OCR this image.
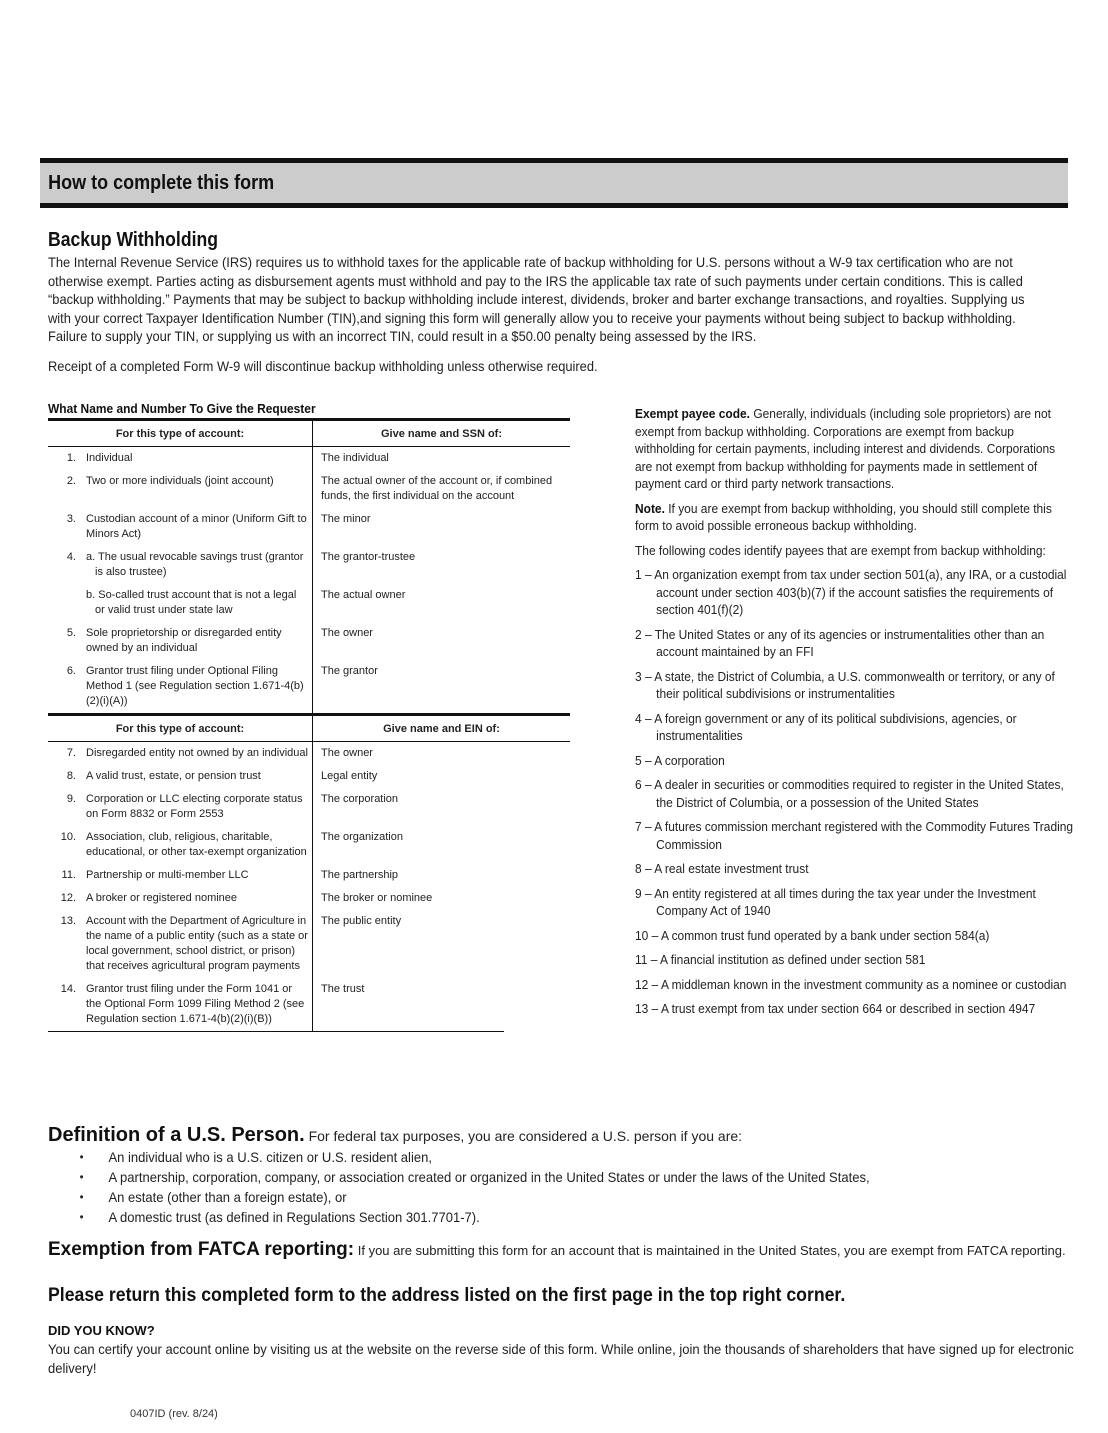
How to complete this form
Backup Withholding

The Internal Revenue Service (IRS) requires us to withhold taxes for the applicable rate of backup withholding for U.S. persons without a W-9 tax certification who are not otherwise exempt. Parties acting as disbursement agents must withhold and pay to the IRS the applicable tax rate of such payments under certain conditions. This is called “backup withholding.” Payments that may be subject to backup withholding include interest, dividends, broker and barter exchange transactions, and royalties. Supplying us with your correct Taxpayer Identification Number (TIN),and signing this form will generally allow you to receive your payments without being subject to backup withholding. Failure to supply your TIN, or supplying us with an incorrect TIN, could result in a $50.00 penalty being assessed by the IRS.

Receipt of a completed Form W-9 will discontinue backup withholding unless otherwise required.

What Name and Number To Give the Requester
For this type of account:		Give name and SSN of:
1.	Individual	The individual
2.	Two or more individuals (joint account)	The actual owner of the account or, if combined funds, the first individual on the account
3.	Custodian account of a minor (Uniform Gift to Minors Act)	The minor
4.	a. The usual revocable savings trust (grantor is also trustee)	The grantor-trustee

	b. So-called trust account that is not a legal or valid trust under state law	The actual owner
5.	Sole proprietorship or disregarded entity owned by an individual	The owner
6.	Grantor trust filing under Optional Filing Method 1 (see Regulation section 1.671-4(b)(2)(i)(A))	The grantor
For this type of account:		Give name and EIN of:
7.	Disregarded entity not owned by an individual	The owner
8.	A valid trust, estate, or pension trust	Legal entity
9.	Corporation or LLC electing corporate status on Form 8832 or Form 2553	The corporation
10.	Association, club, religious, charitable, educational, or other tax-exempt organization	The organization
11.	Partnership or multi-member LLC	The partnership
12.	A broker or registered nominee	The broker or nominee
13.	Account with the Department of Agriculture in the name of a public entity (such as a state or local government, school district, or prison) that receives agricultural program payments	The public entity
14.	Grantor trust filing under the Form 1041 or the Optional Form 1099 Filing Method 2 (see Regulation section 1.671-4(b)(2)(i)(B))	The trust

Exempt payee code. Generally, individuals (including sole proprietors) are not exempt from backup withholding. Corporations are exempt from backup withholding for certain payments, including interest and dividends. Corporations are not exempt from backup withholding for payments made in settlement of payment card or third party network transactions.

Note. If you are exempt from backup withholding, you should still complete this form to avoid possible erroneous backup withholding.

The following codes identify payees that are exempt from backup withholding:

1 – An organization exempt from tax under section 501(a), any IRA, or a custodial account under section 403(b)(7) if the account satisfies the requirements of section 401(f)(2)

2 – The United States or any of its agencies or instrumentalities other than an account maintained by an FFI

3 – A state, the District of Columbia, a U.S. commonwealth or territory, or any of their political subdivisions or instrumentalities

4 – A foreign government or any of its political subdivisions, agencies, or instrumentalities

5 – A corporation

6 – A dealer in securities or commodities required to register in the United States, the District of Columbia, or a possession of the United States

7 – A futures commission merchant registered with the Commodity Futures Trading Commission

8 – A real estate investment trust

9 – An entity registered at all times during the tax year under the Investment Company Act of 1940

10 – A common trust fund operated by a bank under section 584(a)

11 – A financial institution as defined under section 581

12 – A middleman known in the investment community as a nominee or custodian

13 – A trust exempt from tax under section 664 or described in section 4947

Definition of a U.S. Person. For federal tax purposes, you are considered a U.S. person if you are:
• An individual who is a U.S. citizen or U.S. resident alien,
• A partnership, corporation, company, or association created or organized in the United States or under the laws of the United States,
• An estate (other than a foreign estate), or
• A domestic trust (as defined in Regulations Section 301.7701-7).
Exemption from FATCA reporting: If you are submitting this form for an account that is maintained in the United States, you are exempt from FATCA reporting.
Please return this completed form to the address listed on the first page in the top right corner.
DID YOU KNOW?

You can certify your account online by visiting us at the website on the reverse side of this form. While online, join the thousands of shareholders that have signed up for electronic delivery!

0407ID (rev. 8/24)
